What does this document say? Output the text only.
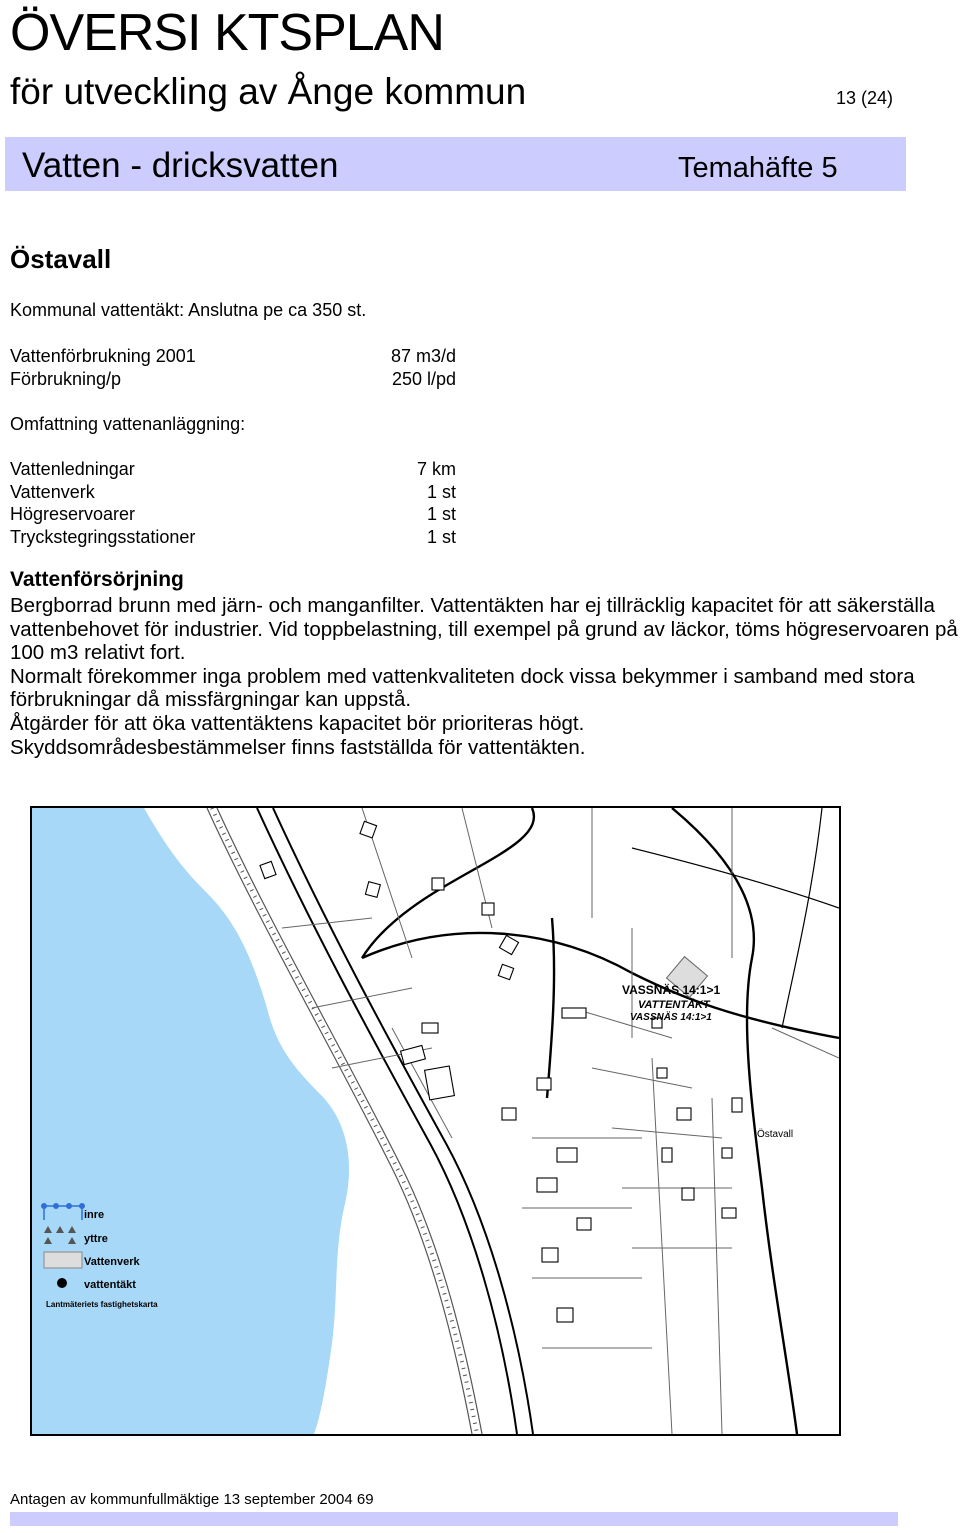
ÖVERSI KTSPLAN
för utveckling av Ånge kommun	13 (24)
Vatten - dricksvatten	Temahäfte 5
Östavall
Kommunal vattentäkt: Anslutna pe ca 350 st.
Vattenförbrukning 2001	87 m3/d
Förbrukning/p	250 l/pd
Omfattning vattenanläggning:
Vattenledningar	7 km
Vattenverk	1 st
Högreservoarer	1 st
Tryckstegringsstationer	1 st
Vattenförsörjning

Bergborrad brunn med järn- och manganfilter. Vattentäkten har ej tillräcklig kapacitet för att säkerställa vattenbehovet för industrier. Vid toppbelastning, till exempel på grund av läckor, töms högreservoaren på 100 m3 relativt fort.

Normalt förekommer inga problem med vattenkvaliteten dock vissa bekymmer i samband med stora förbrukningar då missfärgningar kan uppstå.

Åtgärder för att öka vattentäktens kapacitet bör prioriteras högt.

Skyddsområdesbestämmelser finns fastställda för vattentäkten.

VASSNÄS 14:1>1
VATTENTÄKT
VASSNÄS 14:1>1
Östavall
inre
yttre
Vattenverk
vattentäkt
Lantmäteriets fastighetskarta
Antagen av kommunfullmäktige 13 september 2004 69
